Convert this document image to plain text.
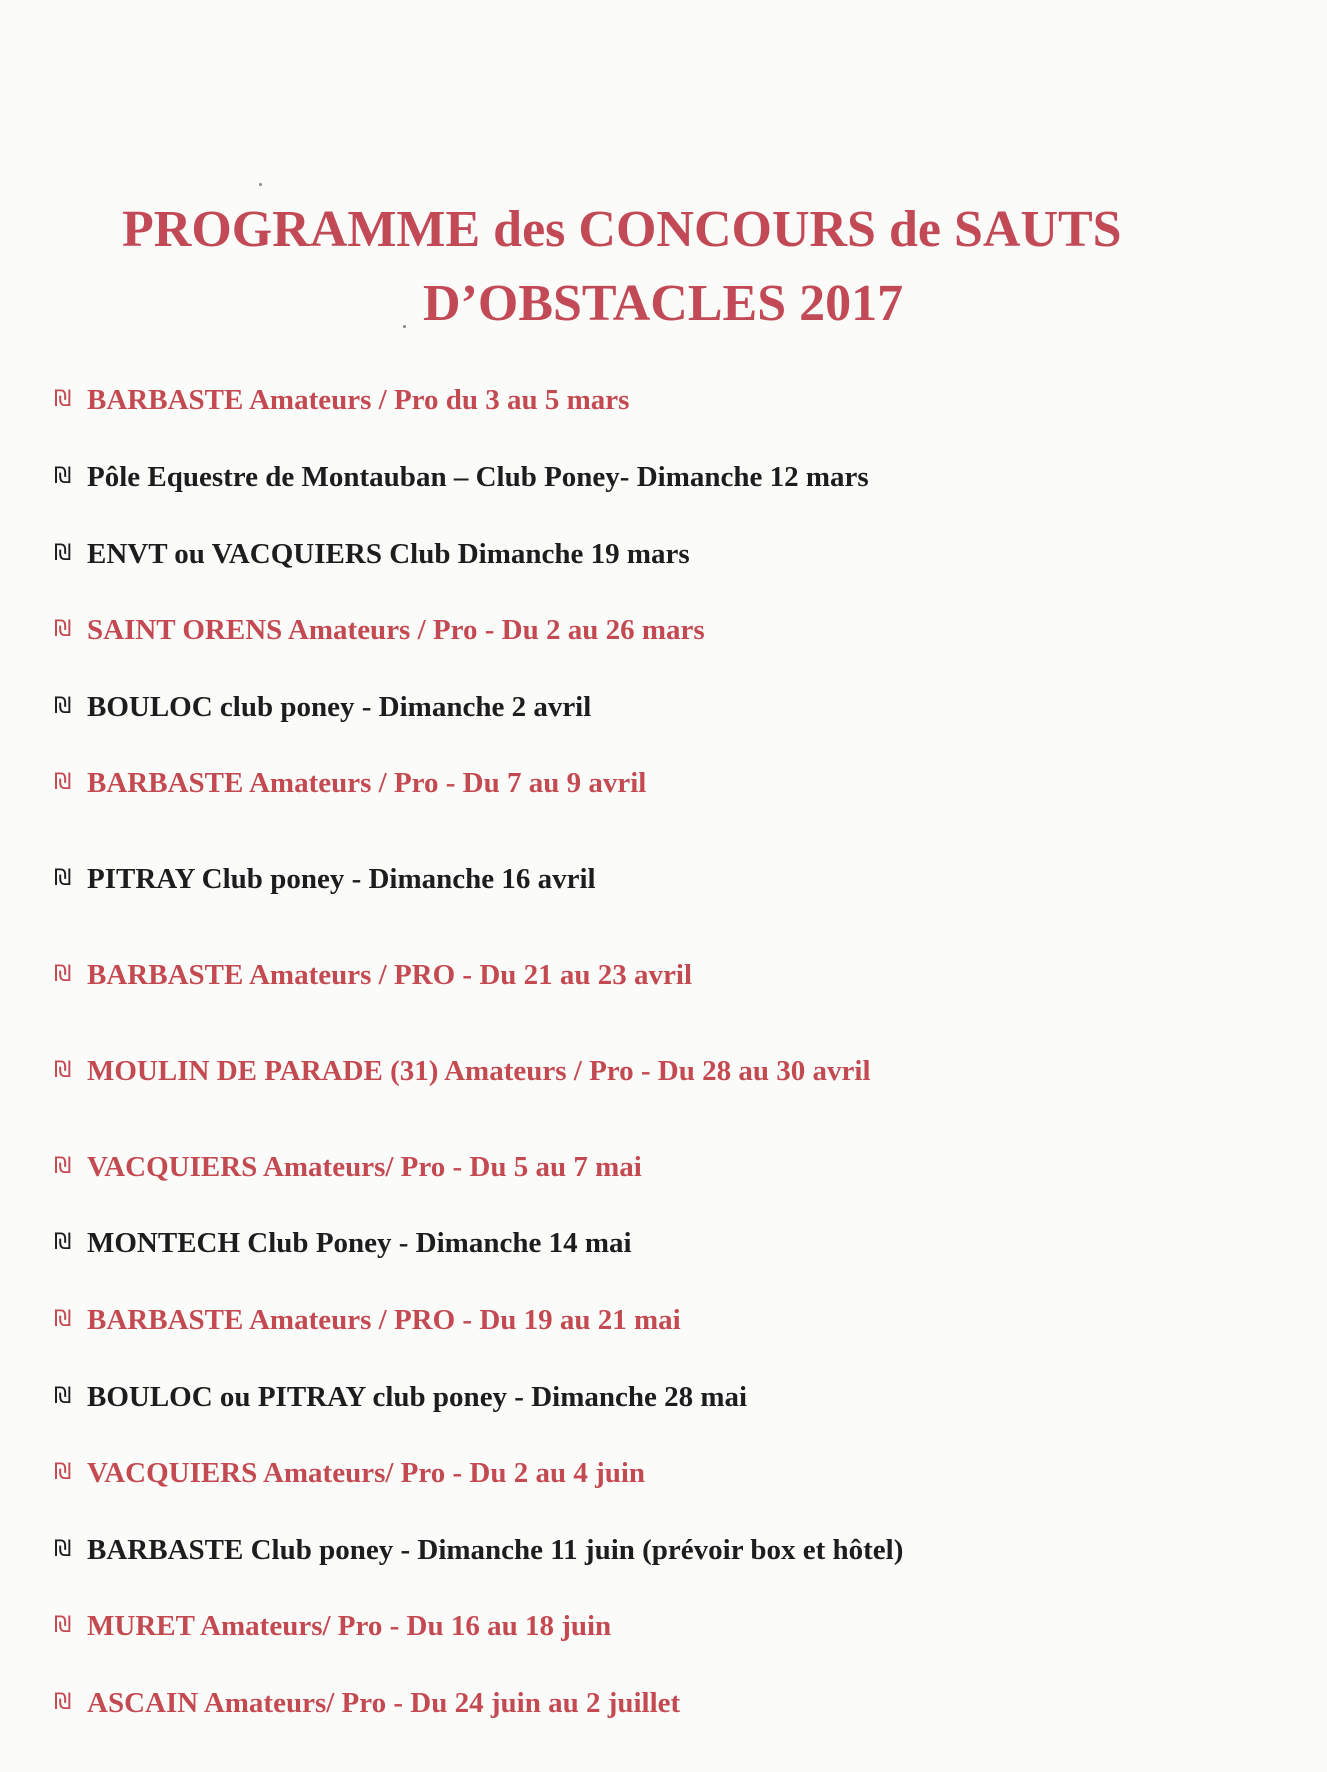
PROGRAMME des CONCOURS de SAUTS
D’OBSTACLES 2017
₪ BARBASTE Amateurs / Pro du 3 au 5 mars
₪ Pôle Equestre de Montauban – Club Poney- Dimanche 12 mars
₪ ENVT ou VACQUIERS Club Dimanche 19 mars
₪ SAINT ORENS Amateurs / Pro - Du 2 au 26 mars
₪ BOULOC club poney - Dimanche 2 avril
₪ BARBASTE Amateurs / Pro - Du 7 au 9 avril
₪ PITRAY Club poney - Dimanche 16 avril
₪ BARBASTE Amateurs / PRO - Du 21 au 23 avril
₪ MOULIN DE PARADE (31) Amateurs / Pro - Du 28 au 30 avril
₪ VACQUIERS Amateurs/ Pro - Du 5 au 7 mai
₪ MONTECH Club Poney - Dimanche 14 mai
₪ BARBASTE Amateurs / PRO - Du 19 au 21 mai
₪ BOULOC ou PITRAY club poney - Dimanche 28 mai
₪ VACQUIERS Amateurs/ Pro - Du 2 au 4 juin
₪ BARBASTE Club poney - Dimanche 11 juin (prévoir box et hôtel)
₪ MURET Amateurs/ Pro - Du 16 au 18 juin
₪ ASCAIN Amateurs/ Pro - Du 24 juin au 2 juillet
